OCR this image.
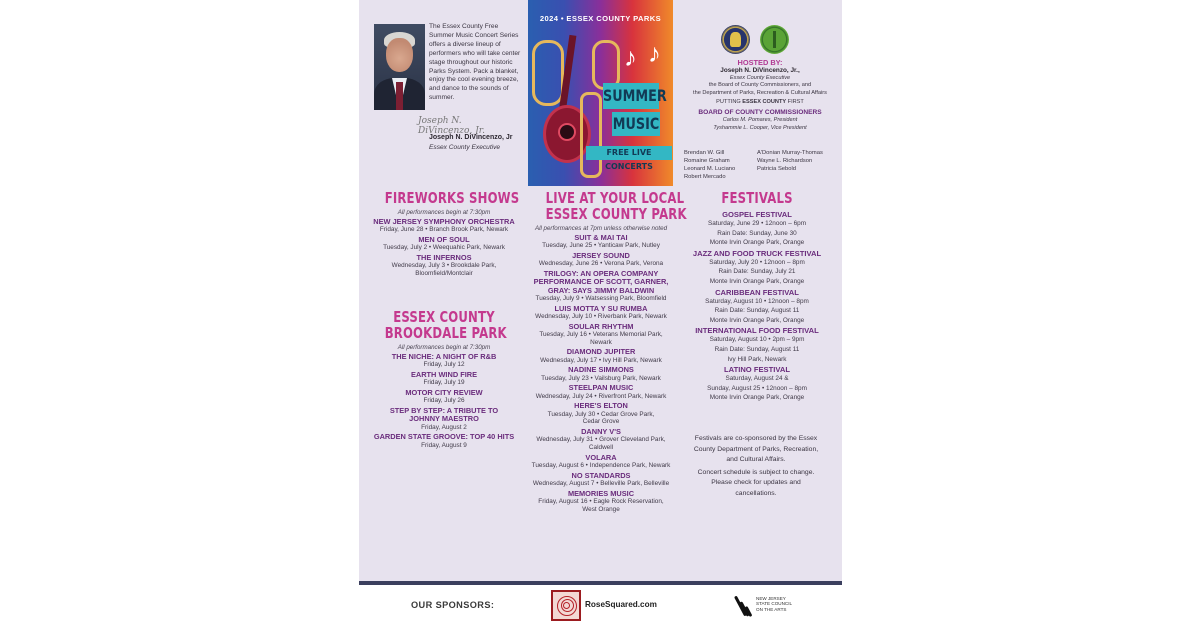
The Essex County Free Summer Music Concert Series offers a diverse lineup of performers who will take center stage throughout our historic Parks System. Pack a blanket, enjoy the cool evening breeze, and dance to the sounds of summer.
Joseph N. DiVincenzo, Jr.
Joseph N. DiVincenzo, Jr
Essex County Executive
2024 • ESSEX COUNTY PARKS
♪ ♪
SUMMER
MUSIC
FREE LIVE CONCERTS
HOSTED BY:
Joseph N. DiVincenzo, Jr.,
Essex County Executive
the Board of County Commissioners, and
the Department of Parks, Recreation & Cultural Affairs
PUTTING ESSEX COUNTY FIRST
BOARD OF COUNTY COMMISSIONERS
Carlos M. Pomares, President
Tyshammie L. Cooper, Vice President
Brendan W. Gill
Romaine Graham
Leonard M. Luciano
Robert Mercado
A'Donian Murray-Thomas
Wayne L. Richardson
Patricia Sebold
FIREWORKS SHOWS
All performances begin at 7:30pm
NEW JERSEY SYMPHONY ORCHESTRA
Friday, June 28 • Branch Brook Park, Newark
MEN OF SOUL
Tuesday, July 2 • Weequahic Park, Newark
THE INFERNOS
Wednesday, July 3 • Brookdale Park, Bloomfield/Montclair
ESSEX COUNTY
BROOKDALE PARK
All performances begin at 7:30pm
THE NICHE: A NIGHT OF R&B
Friday, July 12
EARTH WIND FIRE
Friday, July 19
MOTOR CITY REVIEW
Friday, July 26
STEP BY STEP: A TRIBUTE TO JOHNNY MAESTRO
Friday, August 2
GARDEN STATE GROOVE: TOP 40 HITS
Friday, August 9
LIVE AT YOUR LOCAL
ESSEX COUNTY PARK
All performances at 7pm unless otherwise noted
SUIT & MAI TAI
Tuesday, June 25 • Yanticaw Park, Nutley
JERSEY SOUND
Wednesday, June 26 • Verona Park, Verona
TRILOGY: AN OPERA COMPANY PERFORMANCE OF SCOTT, GARNER, GRAY: SAYS JIMMY BALDWIN
Tuesday, July 9 • Watsessing Park, Bloomfield
LUIS MOTTA Y SU RUMBA
Wednesday, July 10 • Riverbank Park, Newark
SOULAR RHYTHM
Tuesday, July 16 • Veterans Memorial Park, Newark
DIAMOND JUPITER
Wednesday, July 17 • Ivy Hill Park, Newark
NADINE SIMMONS
Tuesday, July 23 • Vailsburg Park, Newark
STEELPAN MUSIC
Wednesday, July 24 • Riverfront Park, Newark
HERE'S ELTON
Tuesday, July 30 • Cedar Grove Park, Cedar Grove
DANNY V'S
Wednesday, July 31 • Grover Cleveland Park, Caldwell
VOLARA
Tuesday, August 6 • Independence Park, Newark
NO STANDARDS
Wednesday, August 7 • Belleville Park, Belleville
MEMORIES MUSIC
Friday, August 16 • Eagle Rock Reservation, West Orange
FESTIVALS
GOSPEL FESTIVAL
Saturday, June 29 • 12noon – 6pm
Rain Date: Sunday, June 30
Monte Irvin Orange Park, Orange
JAZZ AND FOOD TRUCK FESTIVAL
Saturday, July 20 • 12noon – 8pm
Rain Date: Sunday, July 21
Monte Irvin Orange Park, Orange
CARIBBEAN FESTIVAL
Saturday, August 10 • 12noon – 8pm
Rain Date: Sunday, August 11
Monte Irvin Orange Park, Orange
INTERNATIONAL FOOD FESTIVAL
Saturday, August 10 • 2pm – 9pm
Rain Date: Sunday, August 11
Ivy Hill Park, Newark
LATINO FESTIVAL
Saturday, August 24 &
Sunday, August 25 • 12noon – 8pm
Monte Irvin Orange Park, Orange
Festivals are co-sponsored by the Essex County Department of Parks, Recreation, and Cultural Affairs.
Concert schedule is subject to change. Please check for updates and cancellations.
OUR SPONSORS:	RoseSquared.com
NEW JERSEY
STATE COUNCIL
ON THE ARTS
